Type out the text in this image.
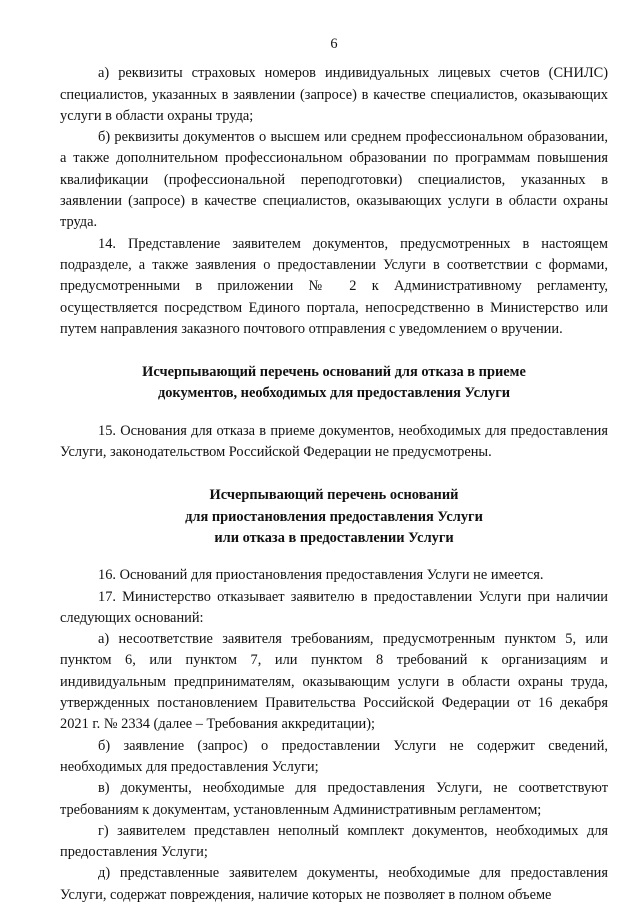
6

а) реквизиты страховых номеров индивидуальных лицевых счетов (СНИЛС) специалистов, указанных в заявлении (запросе) в качестве специалистов, оказывающих услуги в области охраны труда;

б) реквизиты документов о высшем или среднем профессиональном образовании, а также дополнительном профессиональном образовании по программам повышения квалификации (профессиональной переподготовки) специалистов, указанных в заявлении (запросе) в качестве специалистов, оказывающих услуги в области охраны труда.

14. Представление заявителем документов, предусмотренных в настоящем подразделе, а также заявления о предоставлении Услуги в соответствии с формами, предусмотренными в приложении № 2 к Административному регламенту, осуществляется посредством Единого портала, непосредственно в Министерство или путем направления заказного почтового отправления с уведомлением о вручении.

Исчерпывающий перечень оснований для отказа в приеме
документов, необходимых для предоставления Услуги

15. Основания для отказа в приеме документов, необходимых для предоставления Услуги, законодательством Российской Федерации не предусмотрены.

Исчерпывающий перечень оснований
для приостановления предоставления Услуги
или отказа в предоставлении Услуги

16. Оснований для приостановления предоставления Услуги не имеется.

17. Министерство отказывает заявителю в предоставлении Услуги при наличии следующих оснований:

а) несоответствие заявителя требованиям, предусмотренным пунктом 5, или пунктом 6, или пунктом 7, или пунктом 8 требований к организациям и индивидуальным предпринимателям, оказывающим услуги в области охраны труда, утвержденных постановлением Правительства Российской Федерации от 16 декабря 2021 г. № 2334 (далее – Требования аккредитации);

б) заявление (запрос) о предоставлении Услуги не содержит сведений, необходимых для предоставления Услуги;

в) документы, необходимые для предоставления Услуги, не соответствуют требованиям к документам, установленным Административным регламентом;

г) заявителем представлен неполный комплект документов, необходимых для предоставления Услуги;

д) представленные заявителем документы, необходимые для предоставления Услуги, содержат повреждения, наличие которых не позволяет в полном объеме
